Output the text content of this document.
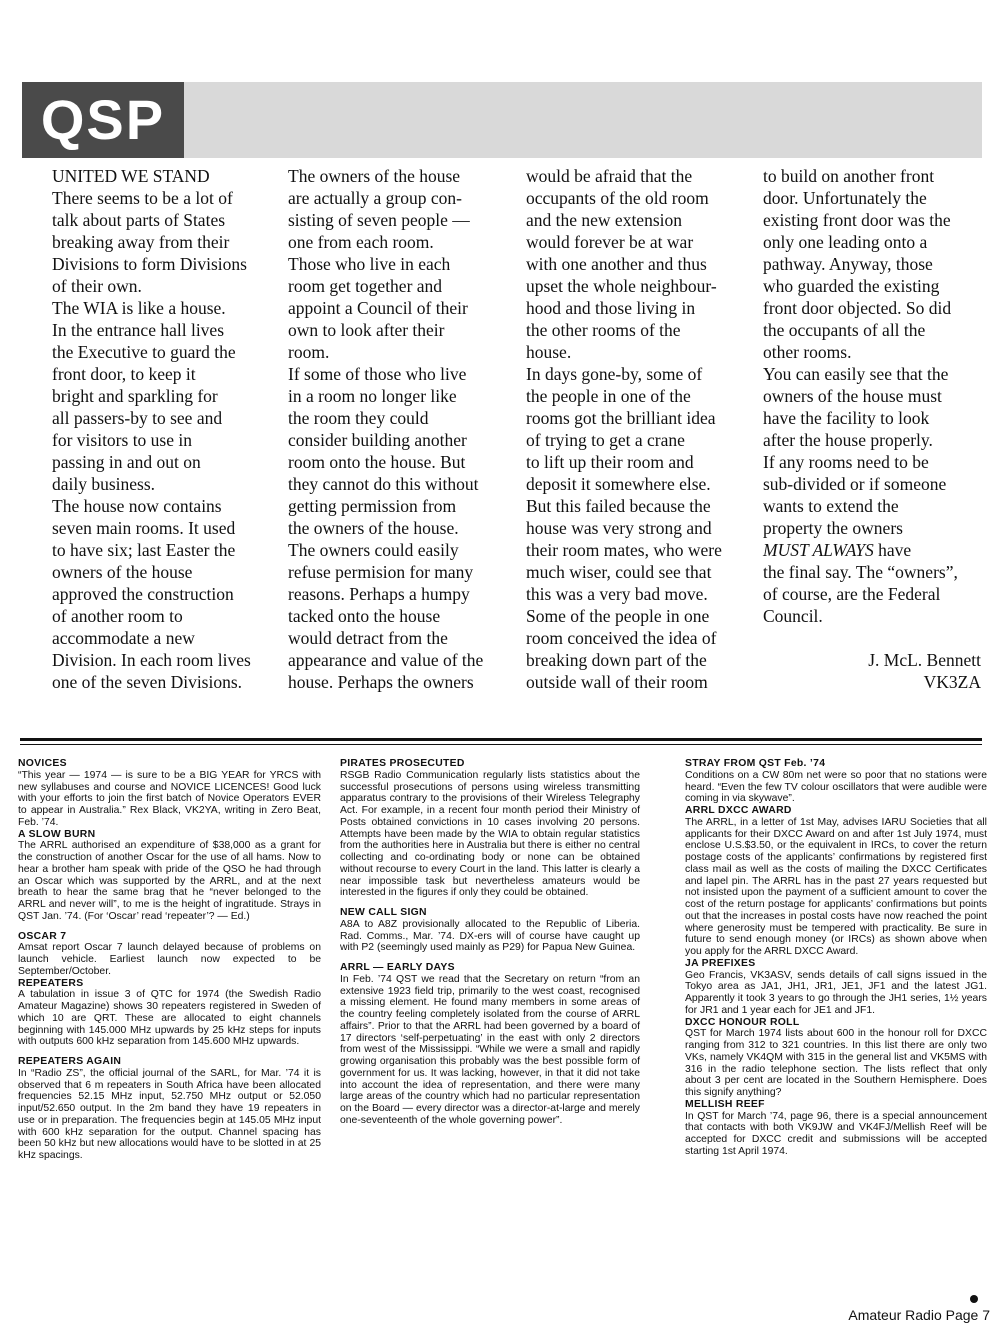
QSP
UNITED WE STAND
There seems to be a lot of
talk about parts of States
breaking away from their
Divisions to form Divisions
of their own.
The WIA is like a house.
In the entrance hall lives
the Executive to guard the
front door, to keep it
bright and sparkling for
all passers-by to see and
for visitors to use in
passing in and out on
daily business.
The house now contains
seven main rooms. It used
to have six; last Easter the
owners of the house
approved the construction
of another room to
accommodate a new
Division. In each room lives
one of the seven Divisions.
The owners of the house
are actually a group con-
sisting of seven people —
one from each room.
Those who live in each
room get together and
appoint a Council of their
own to look after their
room.
If some of those who live
in a room no longer like
the room they could
consider building another
room onto the house. But
they cannot do this without
getting permission from
the owners of the house.
The owners could easily
refuse permision for many
reasons. Perhaps a humpy
tacked onto the house
would detract from the
appearance and value of the
house. Perhaps the owners
would be afraid that the
occupants of the old room
and the new extension
would forever be at war
with one another and thus
upset the whole neighbour-
hood and those living in
the other rooms of the
house.
In days gone-by, some of
the people in one of the
rooms got the brilliant idea
of trying to get a crane
to lift up their room and
deposit it somewhere else.
But this failed because the
house was very strong and
their room mates, who were
much wiser, could see that
this was a very bad move.
Some of the people in one
room conceived the idea of
breaking down part of the
outside wall of their room
to build on another front
door. Unfortunately the
existing front door was the
only one leading onto a
pathway. Anyway, those
who guarded the existing
front door objected. So did
the occupants of all the
other rooms.
You can easily see that the
owners of the house must
have the facility to look
after the house properly.
If any rooms need to be
sub-divided or if someone
wants to extend the
property the owners
MUST ALWAYS have
the final say. The “owners”,
of course, are the Federal
Council.
J. McL. Bennett
VK3ZA
NOVICES

“This year — 1974 — is sure to be a BIG YEAR for YRCS with new syllabuses and course and NOVICE LICENCES! Good luck with your efforts to join the first batch of Novice Operators EVER to appear in Australia.” Rex Black, VK2YA, writing in Zero Beat, Feb. ’74.

A SLOW BURN

The ARRL authorised an expenditure of $38,000 as a grant for the construction of another Oscar for the use of all hams. Now to hear a brother ham speak with pride of the QSO he had through an Oscar which was supported by the ARRL, and at the next breath to hear the same brag that he “never belonged to the ARRL and never will”, to me is the height of ingratitude. Strays in QST Jan. ’74. (For ‘Oscar’ read ‘repeater’? — Ed.)

OSCAR 7

Amsat report Oscar 7 launch delayed because of problems on launch vehicle. Earliest launch now expected to be September/October.

REPEATERS

A tabulation in issue 3 of QTC for 1974 (the Swedish Radio Amateur Magazine) shows 30 repeaters registered in Sweden of which 10 are QRT. These are allocated to eight channels beginning with 145.000 MHz upwards by 25 kHz steps for inputs with outputs 600 kHz separation from 145.600 MHz upwards.

REPEATERS AGAIN

In “Radio ZS”, the official journal of the SARL, for Mar. ’74 it is observed that 6 m repeaters in South Africa have been allocated frequencies 52.15 MHz input, 52.750 MHz output or 52.050 input/52.650 output. In the 2m band they have 19 repeaters in use or in preparation. The frequencies begin at 145.05 MHz input with 600 kHz separation for the output. Channel spacing has been 50 kHz but new allocations would have to be slotted in at 25 kHz spacings.

PIRATES PROSECUTED

RSGB Radio Communication regularly lists statistics about the successful prosecutions of persons using wireless transmitting apparatus contrary to the provisions of their Wireless Telegraphy Act. For example, in a recent four month period their Ministry of Posts obtained convictions in 10 cases involving 20 persons. Attempts have been made by the WIA to obtain regular statistics from the authorities here in Australia but there is either no central collecting and co-ordinating body or none can be obtained without recourse to every Court in the land. This latter is clearly a near impossible task but nevertheless amateurs would be interested in the figures if only they could be obtained.

NEW CALL SIGN

A8A to A8Z provisionally allocated to the Republic of Liberia. Rad. Comms., Mar. ’74. DX-ers will of course have caught up with P2 (seemingly used mainly as P29) for Papua New Guinea.

ARRL — EARLY DAYS

In Feb. ’74 QST we read that the Secretary on return “from an extensive 1923 field trip, primarily to the west coast, recognised a missing element. He found many members in some areas of the country feeling completely isolated from the course of ARRL affairs”. Prior to that the ARRL had been governed by a board of 17 directors ‘self-perpetuating’ in the east with only 2 directors from west of the Mississippi. “While we were a small and rapidly growing organisation this probably was the best possible form of government for us. It was lacking, however, in that it did not take into account the idea of representation, and there were many large areas of the country which had no particular representation on the Board — every director was a director-at-large and merely one-seventeenth of the whole governing power”.

STRAY FROM QST Feb. ’74

Conditions on a CW 80m net were so poor that no stations were heard. “Even the few TV colour oscillators that were audible were coming in via skywave”.

ARRL DXCC AWARD

The ARRL, in a letter of 1st May, advises IARU Societies that all applicants for their DXCC Award on and after 1st July 1974, must enclose U.S.$3.50, or the equivalent in IRCs, to cover the return postage costs of the applicants’ confirmations by registered first class mail as well as the costs of mailing the DXCC Certificates and lapel pin. The ARRL has in the past 27 years requested but not insisted upon the payment of a sufficient amount to cover the cost of the return postage for applicants’ confirmations but points out that the increases in postal costs have now reached the point where generosity must be tempered with practicality. Be sure in future to send enough money (or IRCs) as shown above when you apply for the ARRL DXCC Award.

JA PREFIXES

Geo Francis, VK3ASV, sends details of call signs issued in the Tokyo area as JA1, JH1, JR1, JE1, JF1 and the latest JG1. Apparently it took 3 years to go through the JH1 series, 1½ years for JR1 and 1 year each for JE1 and JF1.

DXCC HONOUR ROLL

QST for March 1974 lists about 600 in the honour roll for DXCC ranging from 312 to 321 countries. In this list there are only two VKs, namely VK4QM with 315 in the general list and VK5MS with 316 in the radio telephone section. The lists reflect that only about 3 per cent are located in the Southern Hemisphere. Does this signify anything?

MELLISH REEF

In QST for March ’74, page 96, there is a special announcement that contacts with both VK9JW and VK4FJ/Mellish Reef will be accepted for DXCC credit and submissions will be accepted starting 1st April 1974.

Amateur Radio Page 7
